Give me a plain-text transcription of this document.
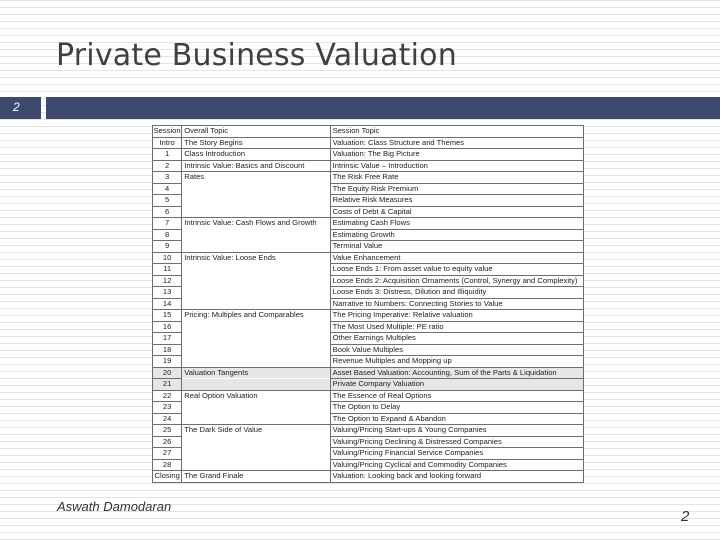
Private Business Valuation
2
Session	Overall Topic	Session Topic
Intro	The Story Begins	Valuation: Class Structure and Themes
1	Class Introduction	Valuation: The Big Picture
2	Intrinsic Value: Basics and Discount	Intrinsic Value – Introduction
3	Rates	The Risk Free Rate
4		The Equity Risk Premium
5		Relative Risk Measures
6		Costs of Debt & Capital
7	Intrinsic Value: Cash Flows and Growth	Estimating Cash Flows
8		Estimating Growth
9		Terminal Value
10	Intrinsic Value: Loose Ends	Value Enhancement
11		Loose Ends 1: From asset value to equity value
12		Loose Ends 2: Acquisition Ornaments (Control, Synergy and Complexity)
13		Loose Ends 3: Distress, Dilution and Illiquidity
14		Narrative to Numbers: Connecting Stories to Value
15	Pricing: Multiples and Comparables	The Pricing Imperative: Relative valuation
16		The Most Used Multiple: PE ratio
17		Other Earnings Multiples
18		Book Value Multiples
19		Revenue Multiples and Mopping up
20	Valuation Tangents	Asset Based Valuation: Accounting, Sum of the Parts & Liquidation
21		Private Company Valuation
22	Real Option Valuation	The Essence of Real Options
23		The Option to Delay
24		The Option to Expand & Abandon
25	The Dark Side of Value	Valuing/Pricing Start-ups & Young Companies
26		Valuing/Pricing Declining & Distressed Companies
27		Valuing/Pricing Financial Service Companies
28		Valuing/Pricing Cyclical and Commodity Companies
Closing	The Grand Finale	Valuation: Looking back and looking forward
Aswath Damodaran
2
